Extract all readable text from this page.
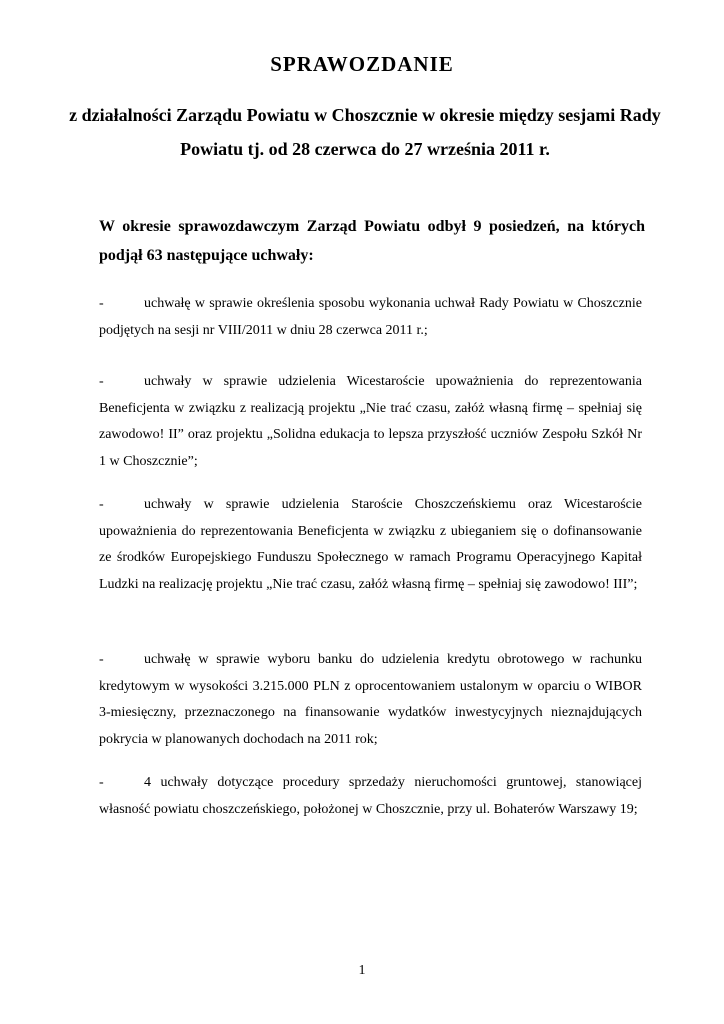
SPRAWOZDANIE
z działalności Zarządu Powiatu w Choszcznie w okresie między sesjami Rady Powiatu tj. od 28 czerwca do 27 września 2011 r.
W okresie sprawozdawczym Zarząd Powiatu odbył 9 posiedzeń, na których podjął 63 następujące uchwały:
-	uchwałę w sprawie określenia sposobu wykonania uchwał Rady Powiatu w Choszcznie podjętych na sesji nr VIII/2011 w dniu 28 czerwca 2011 r.;
-	uchwały w sprawie udzielenia Wicestaroście upoważnienia do reprezentowania Beneficjenta w związku z realizacją projektu „Nie trać czasu, załóż własną firmę – spełniaj się zawodowo! II” oraz projektu „Solidna edukacja to lepsza przyszłość uczniów Zespołu Szkół Nr 1 w Choszcznie”;
-	uchwały w sprawie udzielenia Staroście Choszczeńskiemu oraz Wicestaroście upoważnienia do reprezentowania Beneficjenta w związku z ubieganiem się o dofinansowanie ze środków Europejskiego Funduszu Społecznego w ramach Programu Operacyjnego Kapitał Ludzki na realizację projektu „Nie trać czasu, załóż własną firmę – spełniaj się zawodowo! III”;
-	uchwałę w sprawie wyboru banku do udzielenia kredytu obrotowego w rachunku kredytowym w wysokości 3.215.000 PLN z oprocentowaniem ustalonym w oparciu o WIBOR 3-miesięczny, przeznaczonego na finansowanie wydatków inwestycyjnych nieznajdujących pokrycia w planowanych dochodach na 2011 rok;
-	4 uchwały dotyczące procedury sprzedaży nieruchomości gruntowej, stanowiącej własność powiatu choszczeńskiego, położonej w Choszcznie, przy ul. Bohaterów Warszawy 19;
1
